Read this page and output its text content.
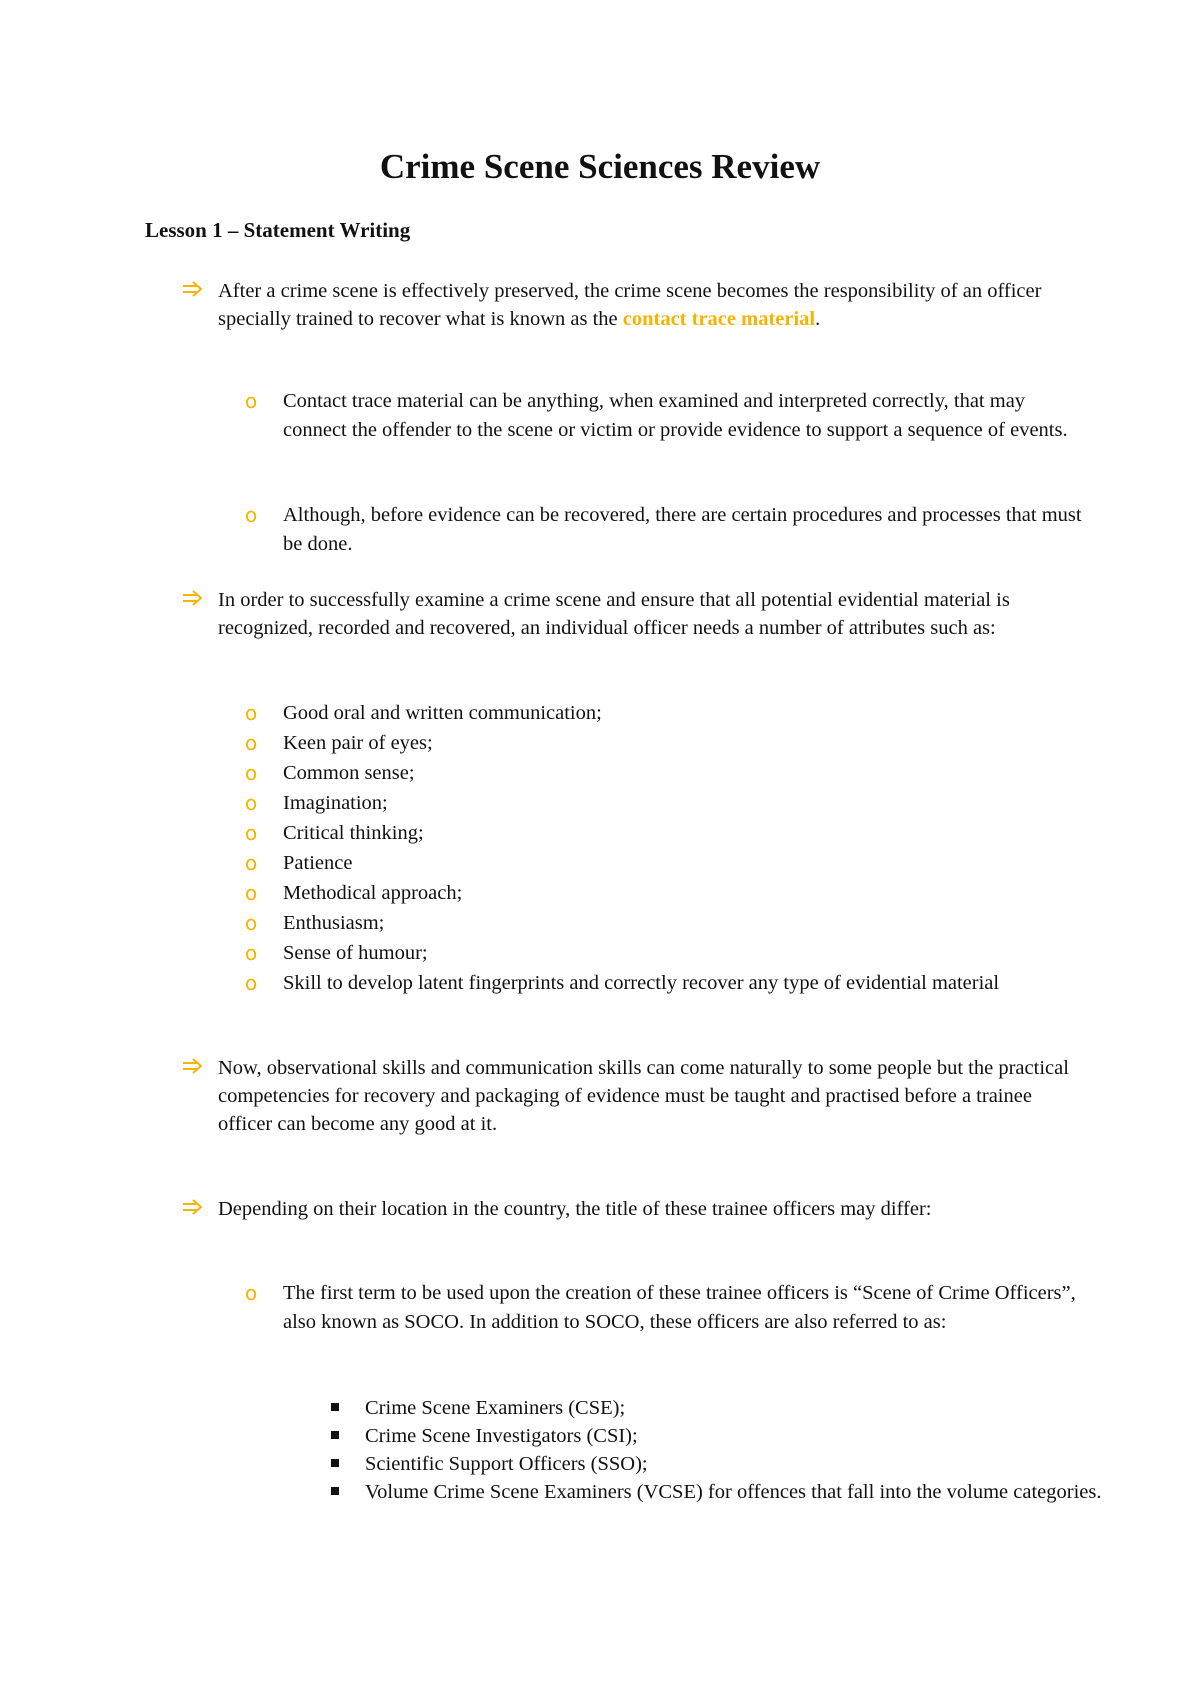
Crime Scene Sciences Review
Lesson 1 – Statement Writing

After a crime scene is effectively preserved, the crime scene becomes the responsibility of an officer specially trained to recover what is known as the contact trace material.

o Contact trace material can be anything, when examined and interpreted correctly, that may connect the offender to the scene or victim or provide evidence to support a sequence of events.

o Although, before evidence can be recovered, there are certain procedures and processes that must be done.

In order to successfully examine a crime scene and ensure that all potential evidential material is recognized, recorded and recovered, an individual officer needs a number of attributes such as:

o Good oral and written communication;

o Keen pair of eyes;

o Common sense;

o Imagination;

o Critical thinking;

o Patience

o Methodical approach;

o Enthusiasm;

o Sense of humour;

o Skill to develop latent fingerprints and correctly recover any type of evidential material

Now, observational skills and communication skills can come naturally to some people but the practical competencies for recovery and packaging of evidence must be taught and practised before a trainee officer can become any good at it.

Depending on their location in the country, the title of these trainee officers may differ:

o The first term to be used upon the creation of these trainee officers is “Scene of Crime Officers”, also known as SOCO. In addition to SOCO, these officers are also referred to as:

Crime Scene Examiners (CSE);

Crime Scene Investigators (CSI);

Scientific Support Officers (SSO);

Volume Crime Scene Examiners (VCSE) for offences that fall into the volume categories.
